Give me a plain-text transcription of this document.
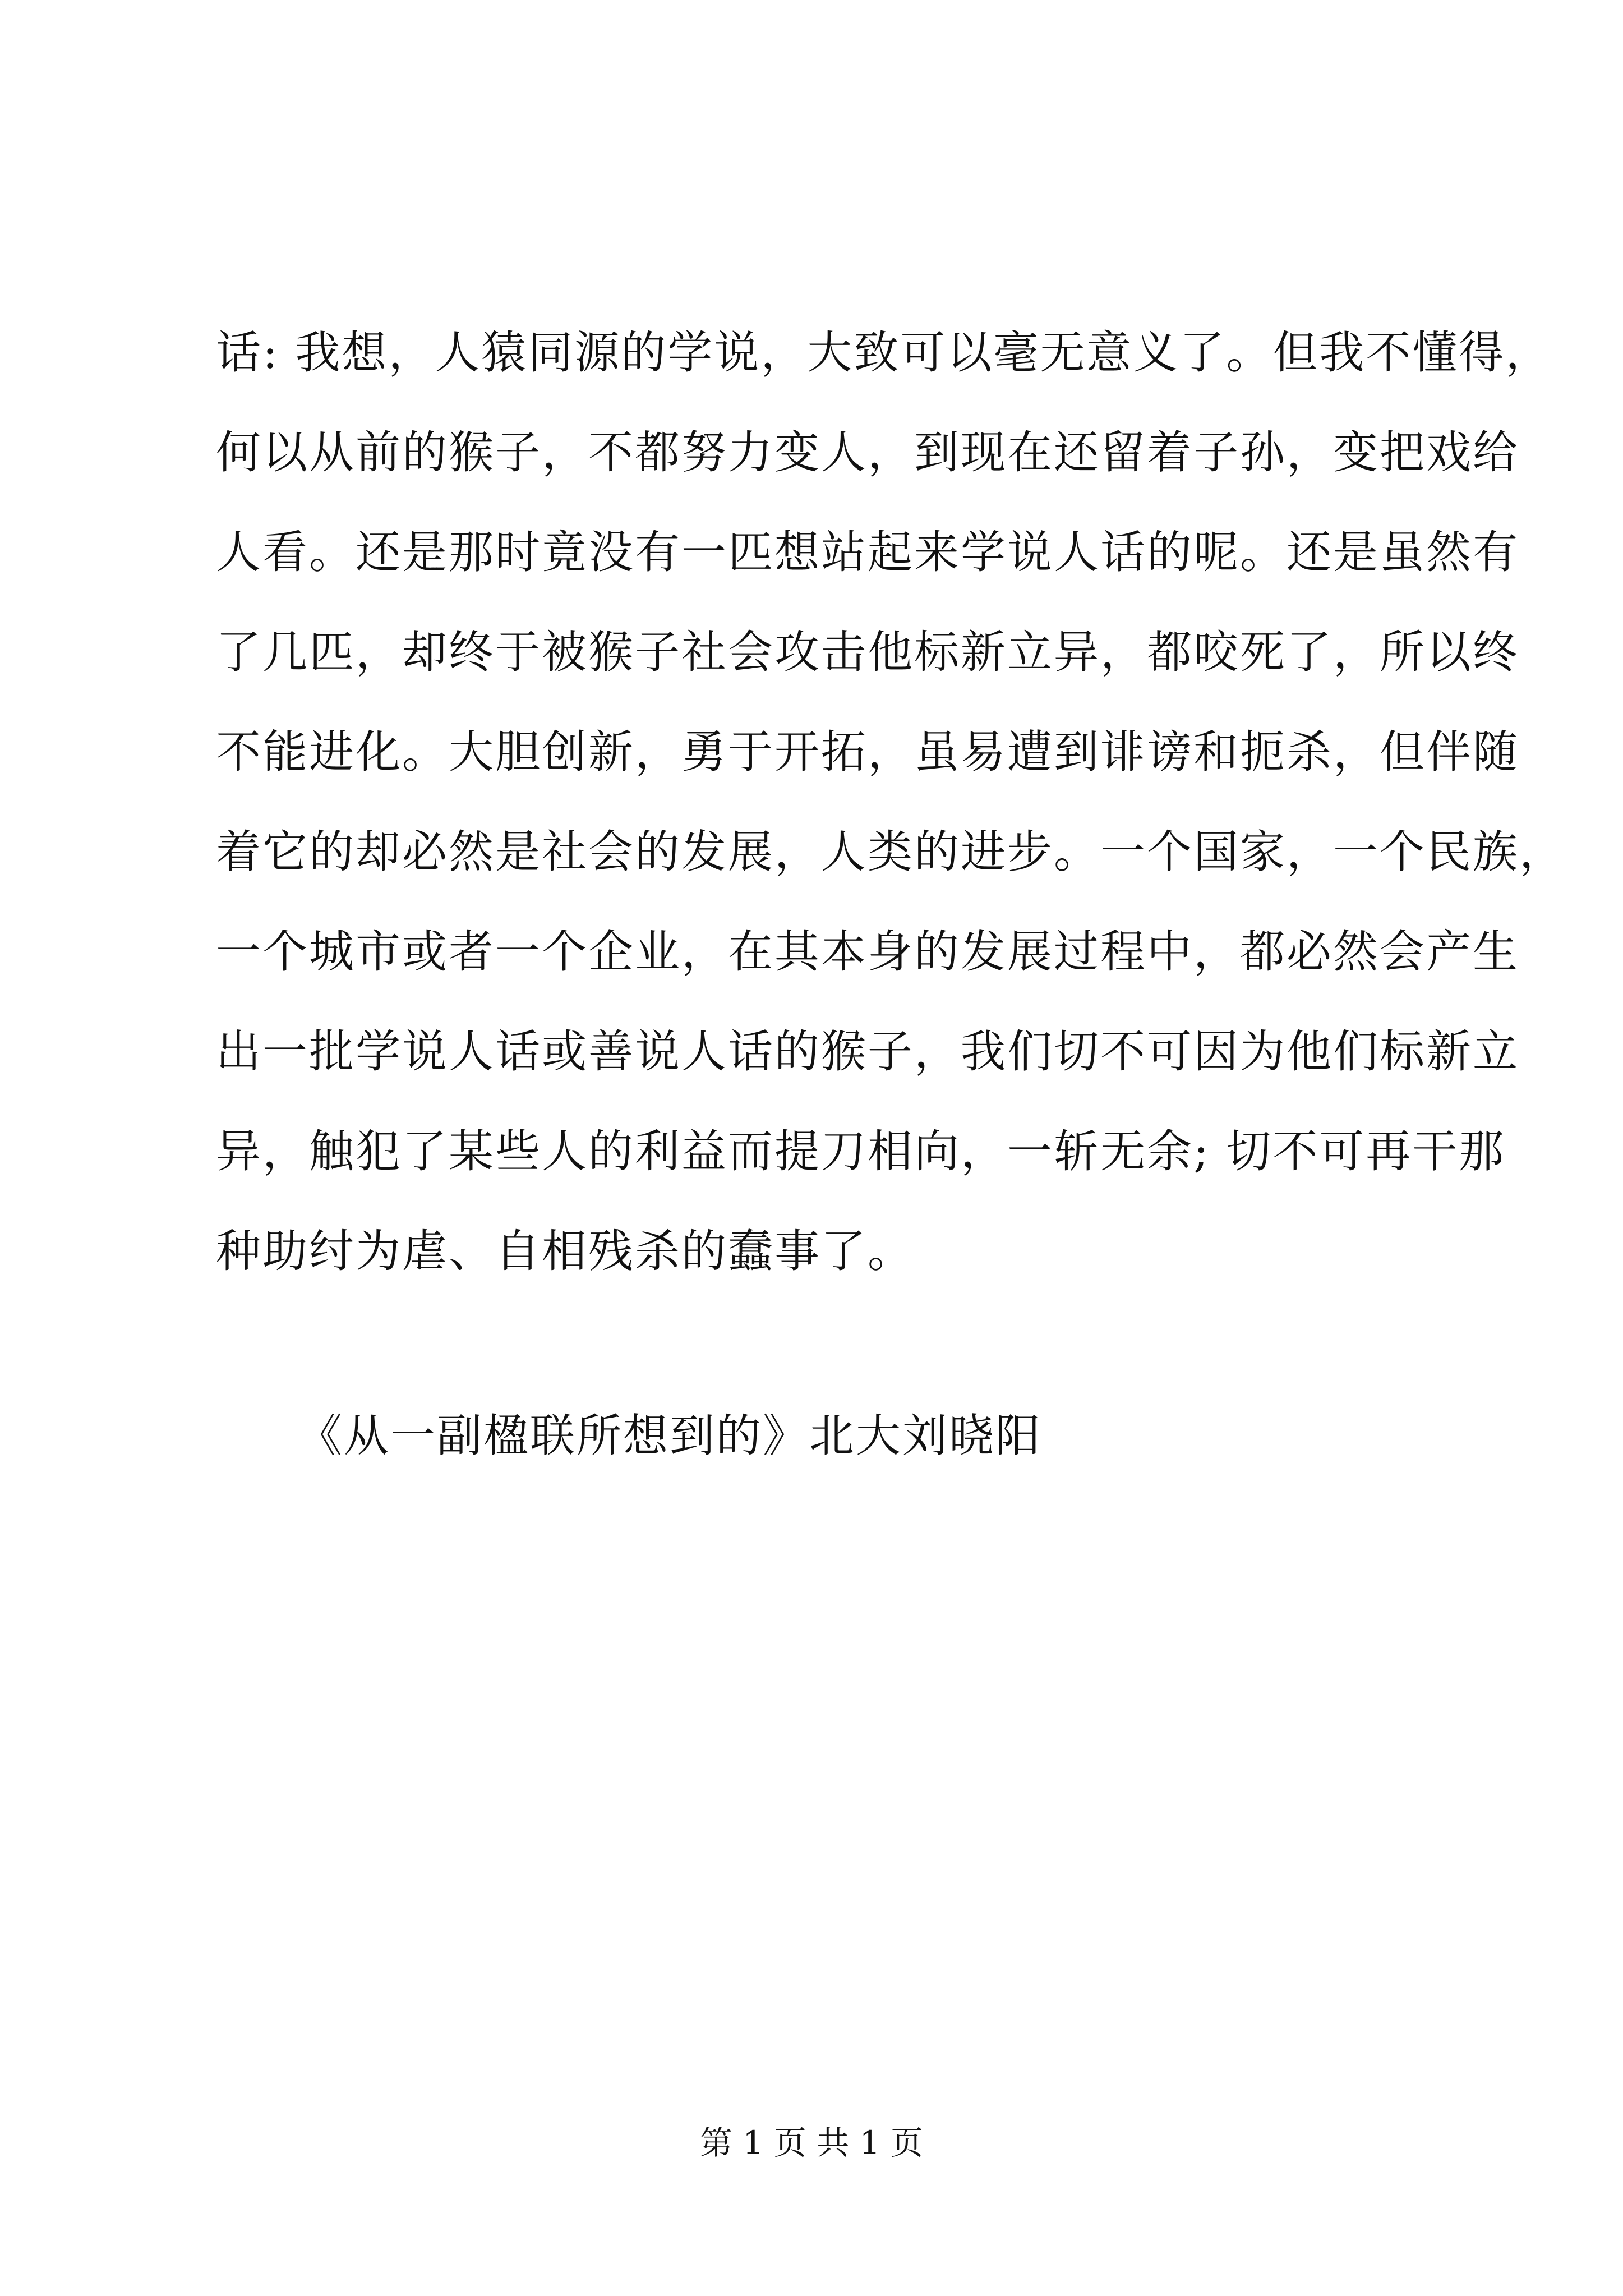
话: 我想，人猿同源的学说，大致可以毫无意义了。但我不懂得，
何以从前的猴子，不都努力变人，到现在还留着子孙，变把戏给
人看。还是那时竟没有一匹想站起来学说人话的呢。还是虽然有
了几匹，却终于被猴子社会攻击他标新立异，都咬死了，所以终
不能进化。大胆创新，勇于开拓，虽易遭到诽谤和扼杀，但伴随
着它的却必然是社会的发展，人类的进步。一个国家，一个民族，
一个城市或者一个企业，在其本身的发展过程中，都必然会产生
出一批学说人话或善说人话的猴子，我们切不可因为他们标新立
异，触犯了某些人的利益而提刀相向，一斩无余; 切不可再干那
种助纣为虐、自相残杀的蠢事了。
《从一副楹联所想到的》北大刘晓阳
第 1 页 共 1 页
